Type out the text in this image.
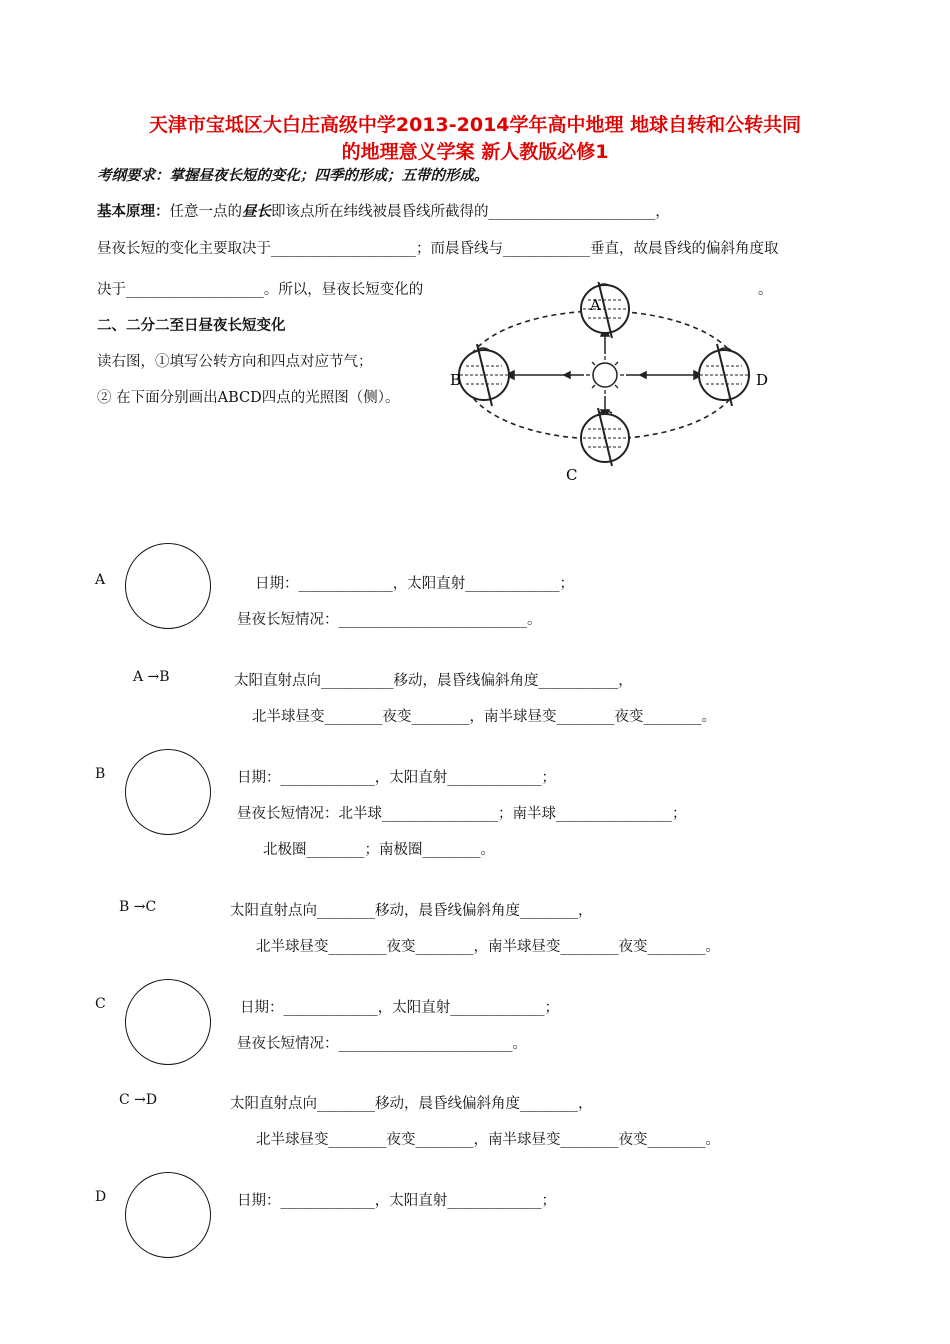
天津市宝坻区大白庄高级中学2013-2014学年高中地理 地球自转和公转共同
的地理意义学案 新人教版必修1
考纲要求：掌握昼夜长短的变化；四季的形成；五带的形成。
基本原理：任意一点的昼长即该点所在纬线被晨昏线所截得的_______________________，
昼夜长短的变化主要取决于____________________；而晨昏线与____________垂直，故晨昏线的偏斜角度取
决于___________________。所以，昼夜长短变化的	。
二、二分二至日昼夜长短变化
读右图，①填写公转方向和四点对应节气；
② 在下面分别画出ABCD四点的光照图（侧）。
A
B	D
C
A	日期：_____________，太阳直射_____________；
昼夜长短情况：__________________________。
A →B	太阳直射点向__________移动，晨昏线偏斜角度___________，
北半球昼变________夜变________，南半球昼变________夜变________。
B	日期：_____________，太阳直射_____________；
昼夜长短情况：北半球________________；南半球________________；
北极圈________；南极圈________。
B →C	太阳直射点向________移动，晨昏线偏斜角度________，
北半球昼变________夜变________，南半球昼变________夜变________。
C	日期：_____________，太阳直射_____________；
昼夜长短情况：________________________。
C →D	太阳直射点向________移动，晨昏线偏斜角度________，
北半球昼变________夜变________，南半球昼变________夜变________。
D	日期：_____________，太阳直射_____________；
